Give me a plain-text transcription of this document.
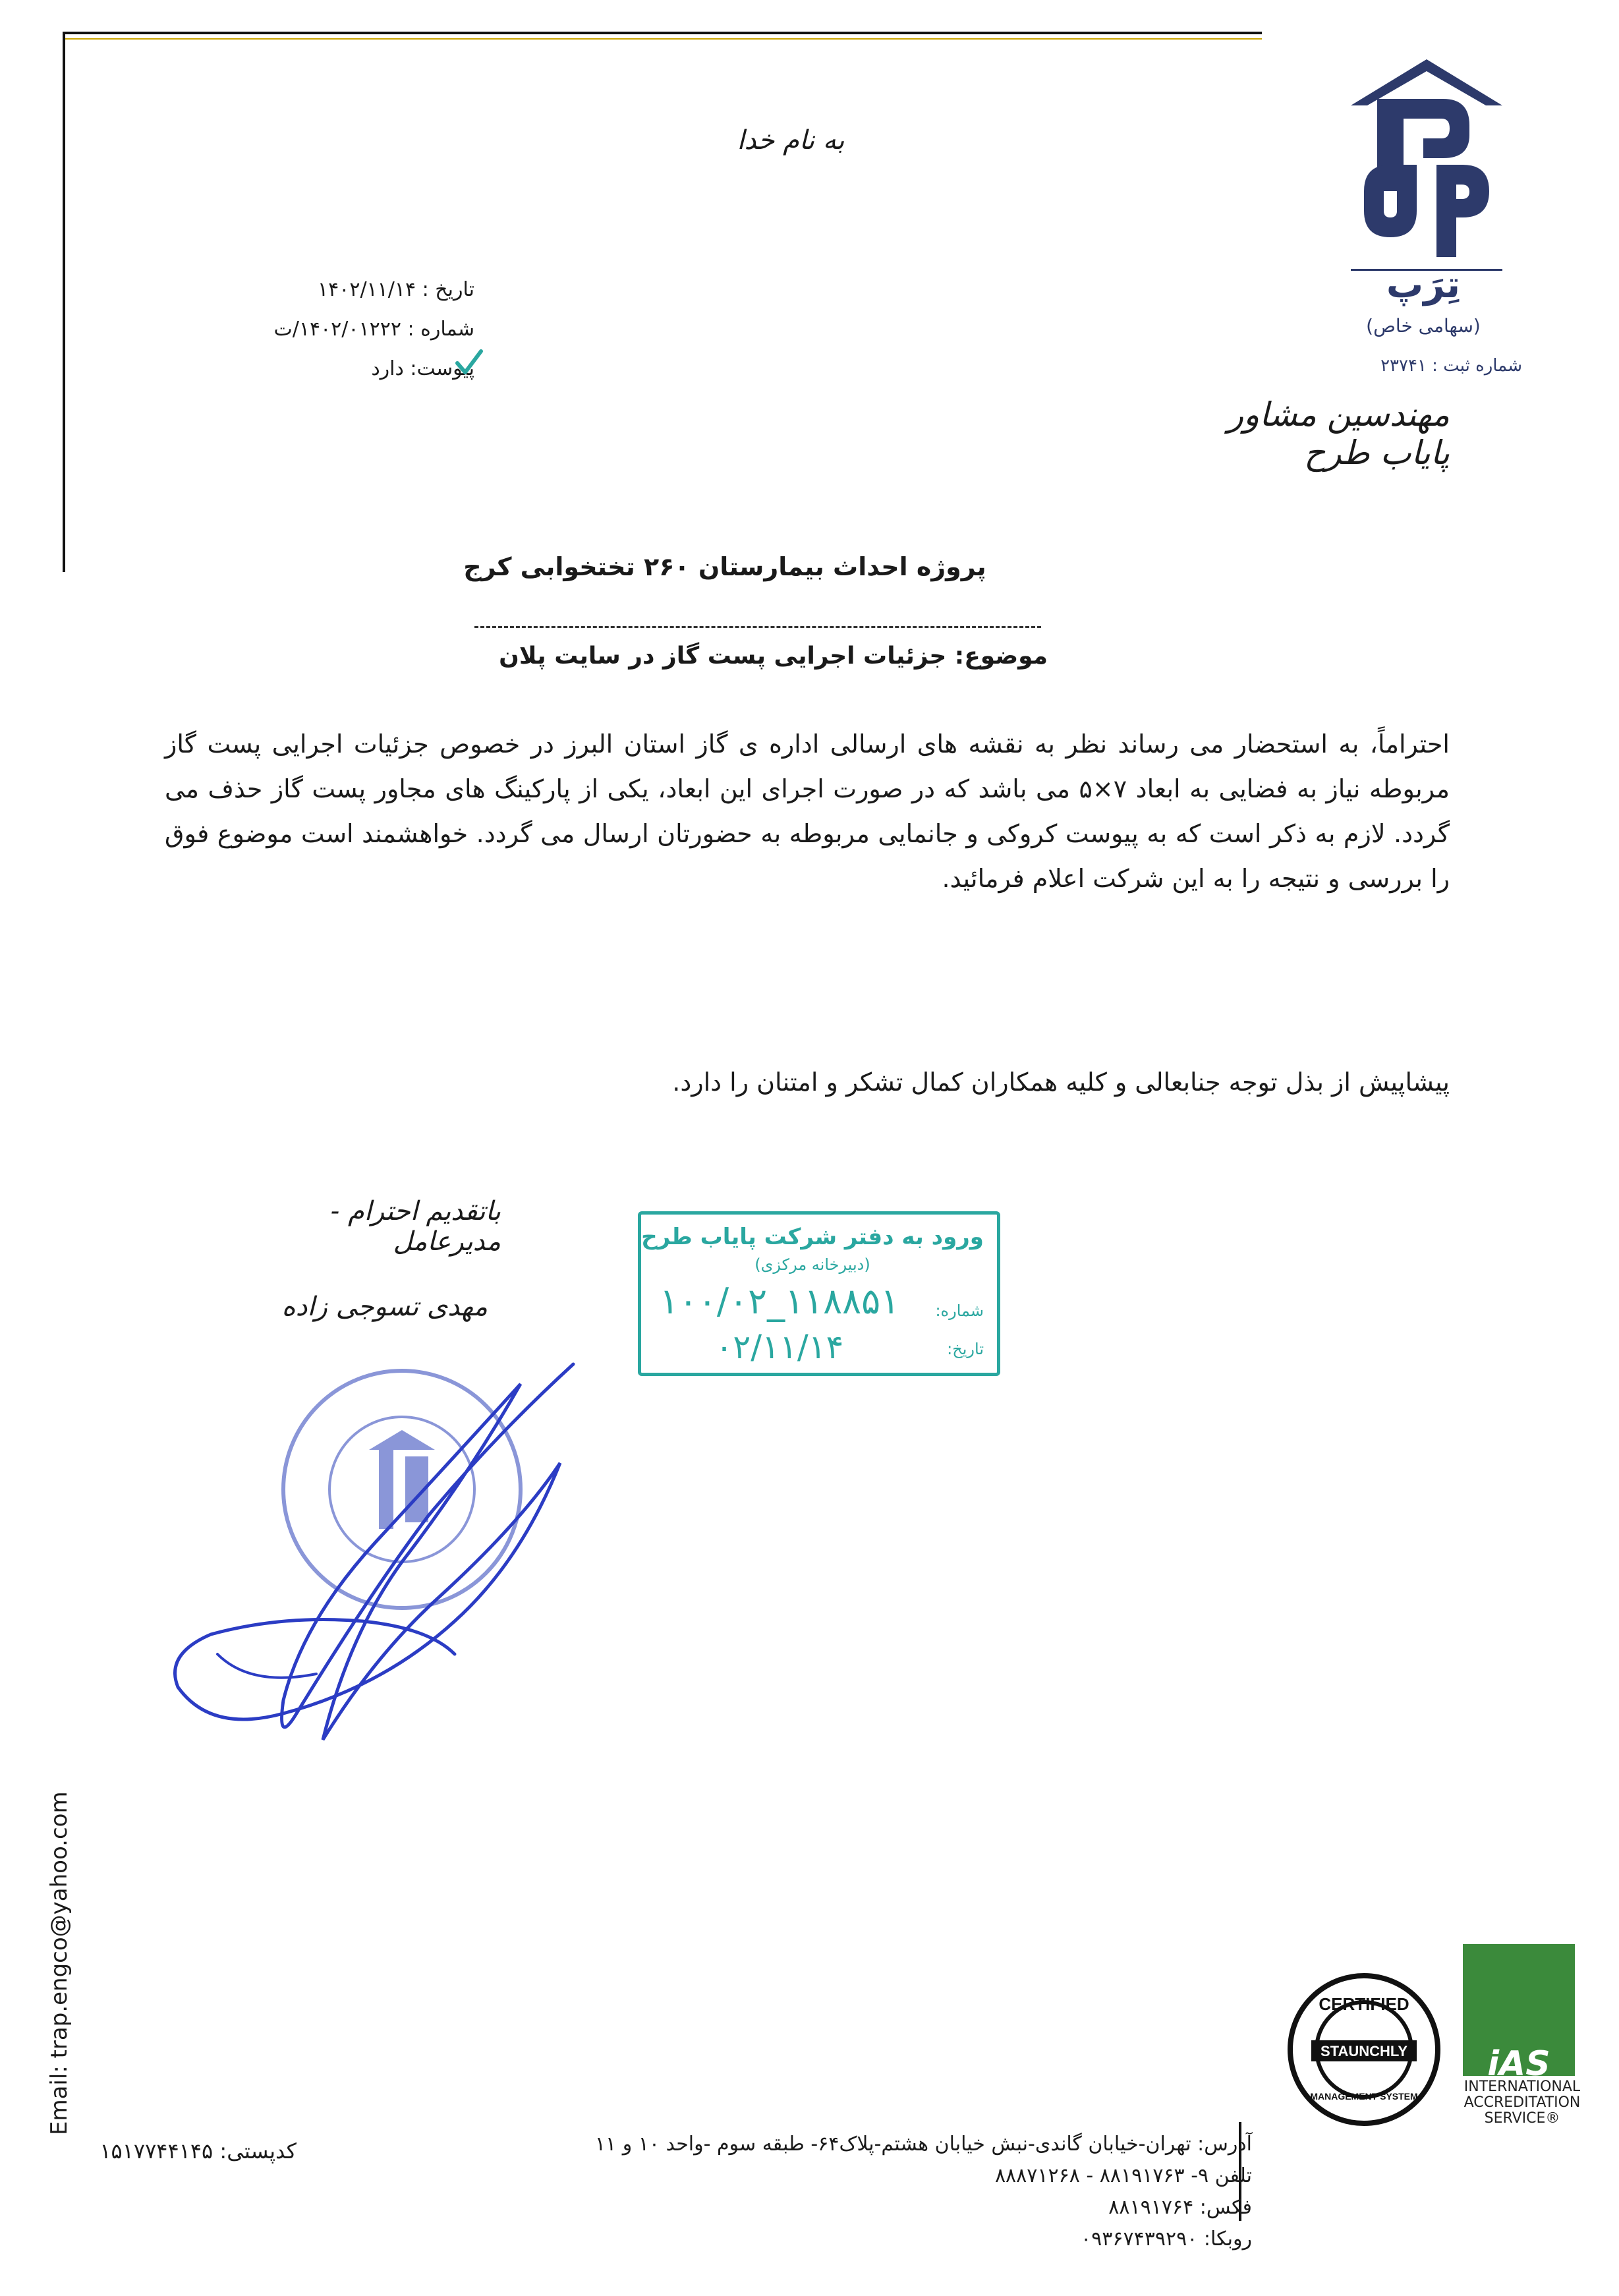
به نام خدا
تِرَپ
(سهامی خاص)
شماره ثبت : ۲۳۷۴۱
مهندسین مشاور پایاب طرح
تاریخ : ۱۴۰۲/۱۱/۱۴
شماره : ۱۴۰۲/۰۱۲۲۲/ت
پیوست: دارد
پروژه احداث بیمارستان ۲۶۰ تختخوابی کرج
موضوع: جزئیات اجرایی پست گاز در سایت پلان
احتراماً، به استحضار می رساند نظر به نقشه های ارسالی اداره ی گاز استان البرز در خصوص جزئیات اجرایی پست گاز مربوطه نیاز به فضایی به ابعاد ۷×۵ می باشد که در صورت اجرای این ابعاد، یکی از پارکینگ های مجاور پست گاز حذف می گردد. لازم به ذکر است که به پیوست کروکی و جانمایی مربوطه به حضورتان ارسال می گردد. خواهشمند است موضوع فوق را بررسی و نتیجه را به این شرکت اعلام فرمائید.
پیشاپیش از بذل توجه جنابعالی و کلیه همکاران کمال تشکر و امتنان را دارد.
باتقدیم احترام - مدیرعامل
مهدی تسوجی زاده
ورود به دفتر شرکت پایاب طرح
(دبیرخانه مرکزی)
شماره:
۱۰۰/۰۲_۱۱۸۸۵۱
تاریخ:
۰۲/۱۱/۱۴
Email: trap.engco@yahoo.com	CERTIFIED
STAUNCHLY
MANAGEMENT SYSTEM
iAS
INTERNATIONAL ACCREDITATION SERVICE®
آدرس: تهران-خیابان گاندی-نبش خیابان هشتم-پلاک۶۴- طبقه سوم -واحد ۱۰ و ۱۱
تلفن ۹- ۸۸۱۹۱۷۶۳ - ۸۸۸۷۱۲۶۸
فکس: ۸۸۱۹۱۷۶۴
روبکا: ۰۹۳۶۷۴۳۹۲۹۰
کدپستی: ۱۵۱۷۷۴۴۱۴۵
